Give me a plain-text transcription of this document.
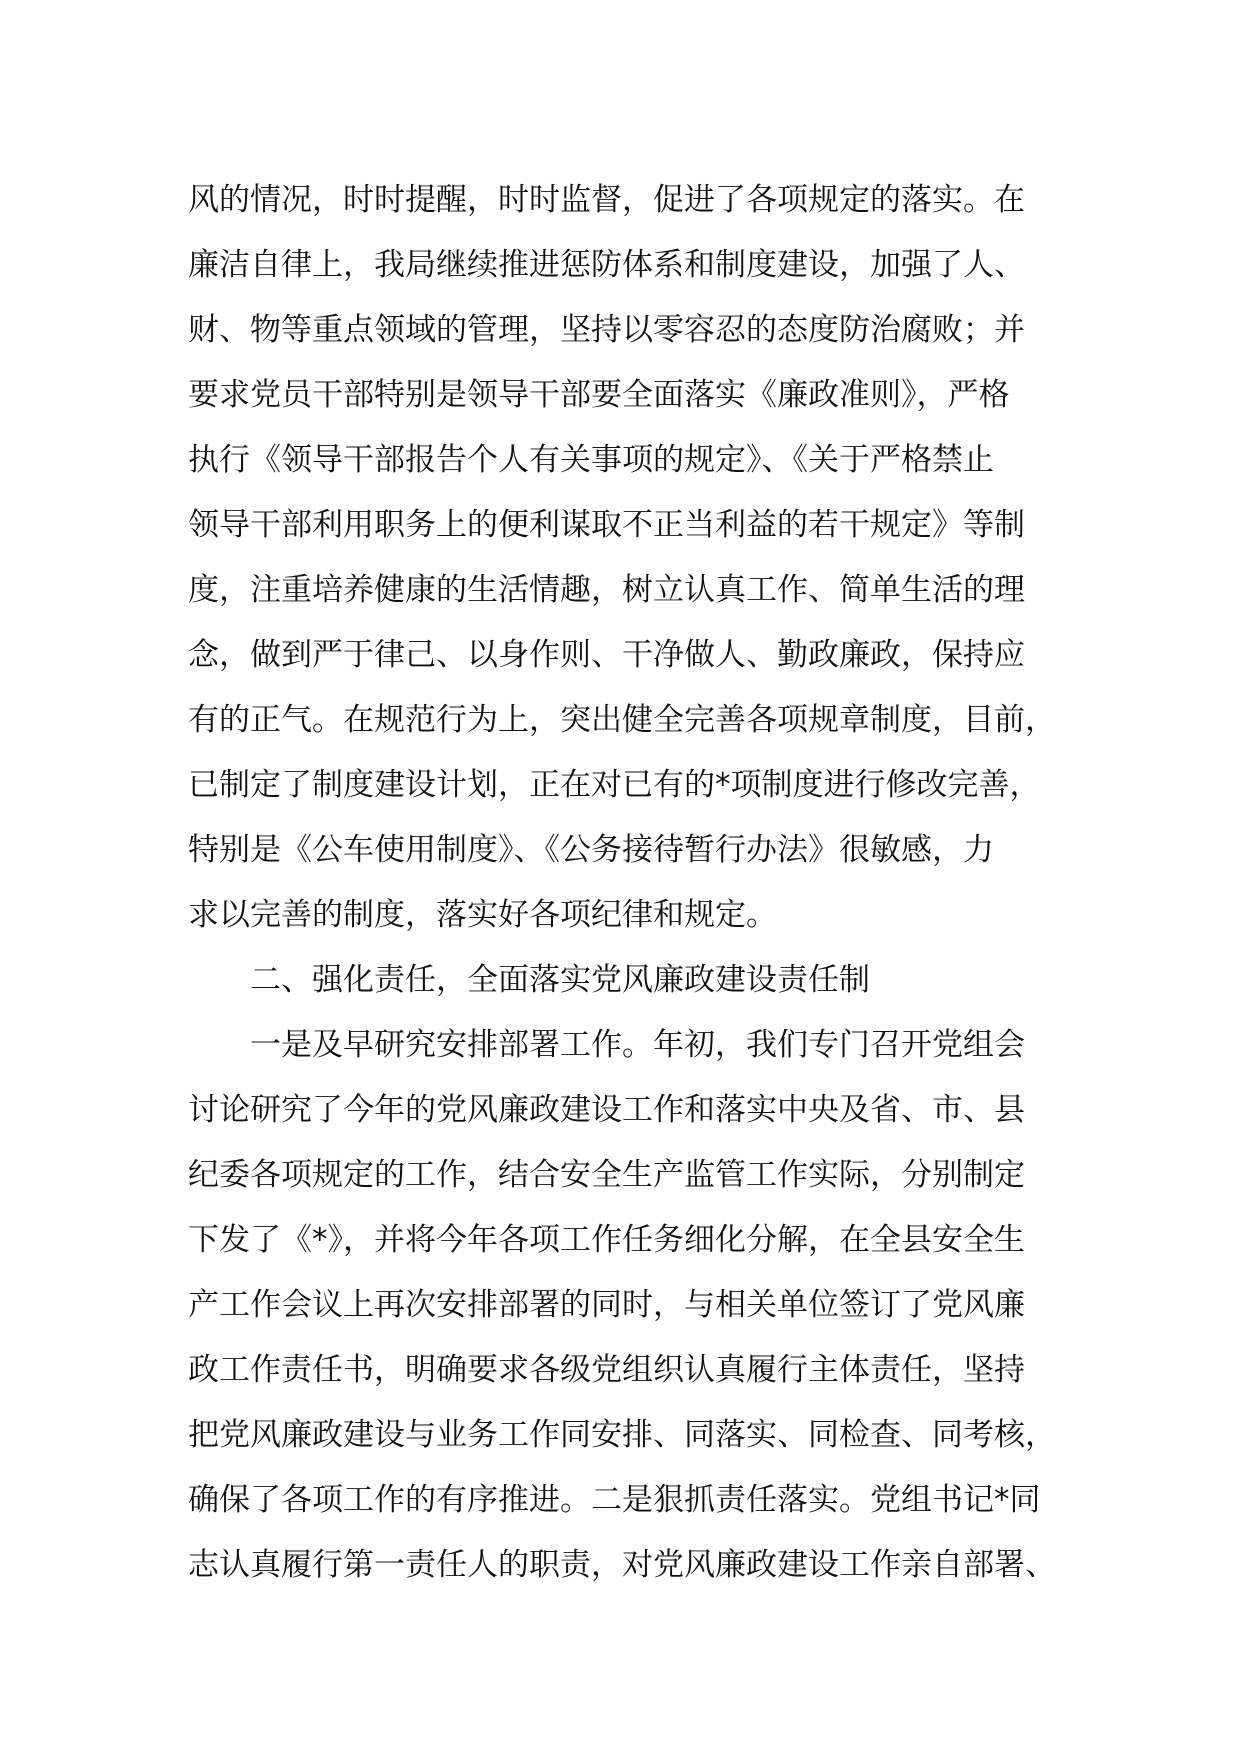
风的情况，时时提醒，时时监督，促进了各项规定的落实。在
廉洁自律上，我局继续推进惩防体系和制度建设，加强了人、
财、物等重点领域的管理，坚持以零容忍的态度防治腐败；并
要求党员干部特别是领导干部要全面落实《廉政准则》，严格
执行《领导干部报告个人有关事项的规定》、《关于严格禁止
领导干部利用职务上的便利谋取不正当利益的若干规定》等制
度，注重培养健康的生活情趣，树立认真工作、简单生活的理
念，做到严于律己、以身作则、干净做人、勤政廉政，保持应
有的正气。在规范行为上，突出健全完善各项规章制度，目前，
已制定了制度建设计划，正在对已有的*项制度进行修改完善，
特别是《公车使用制度》、《公务接待暂行办法》很敏感，力
求以完善的制度，落实好各项纪律和规定。
二、强化责任，全面落实党风廉政建设责任制
一是及早研究安排部署工作。年初，我们专门召开党组会
讨论研究了今年的党风廉政建设工作和落实中央及省、市、县
纪委各项规定的工作，结合安全生产监管工作实际，分别制定
下发了《*》，并将今年各项工作任务细化分解，在全县安全生
产工作会议上再次安排部署的同时，与相关单位签订了党风廉
政工作责任书，明确要求各级党组织认真履行主体责任，坚持
把党风廉政建设与业务工作同安排、同落实、同检查、同考核，
确保了各项工作的有序推进。二是狠抓责任落实。党组书记*同
志认真履行第一责任人的职责，对党风廉政建设工作亲自部署、
